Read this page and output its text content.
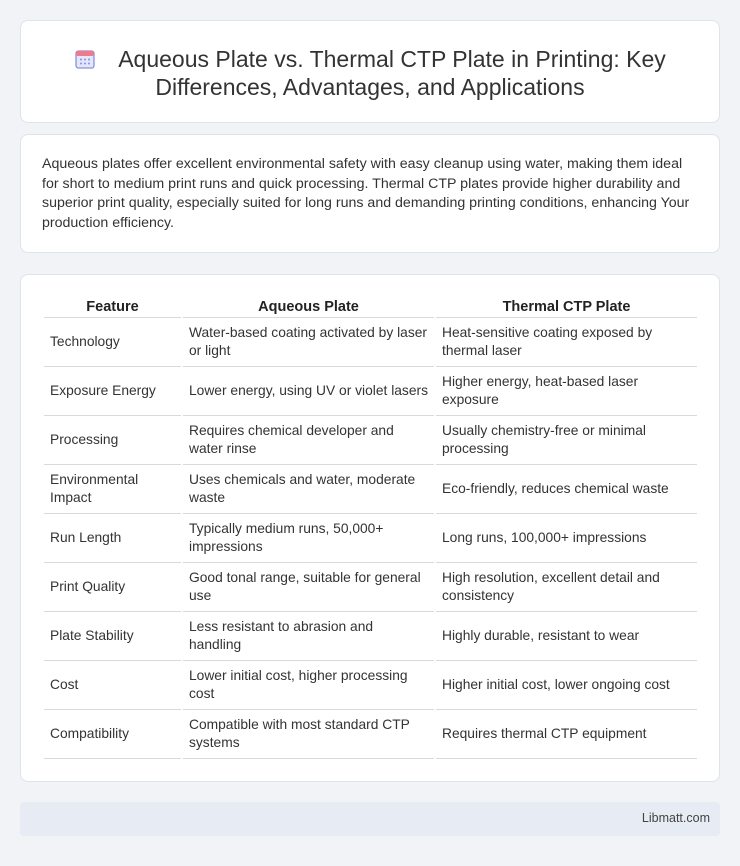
Aqueous Plate vs. Thermal CTP Plate in Printing: Key Differences, Advantages, and Applications

Aqueous plates offer excellent environmental safety with easy cleanup using water, making them ideal for short to medium print runs and quick processing. Thermal CTP plates provide higher durability and superior print quality, especially suited for long runs and demanding printing conditions, enhancing Your production efficiency.

Feature	Aqueous Plate	Thermal CTP Plate
Technology	Water-based coating activated by laser or light	Heat-sensitive coating exposed by thermal laser
Exposure Energy	Lower energy, using UV or violet lasers	Higher energy, heat-based laser exposure
Processing	Requires chemical developer and water rinse	Usually chemistry-free or minimal processing
Environmental Impact	Uses chemicals and water, moderate waste	Eco-friendly, reduces chemical waste
Run Length	Typically medium runs, 50,000+ impressions	Long runs, 100,000+ impressions
Print Quality	Good tonal range, suitable for general use	High resolution, excellent detail and consistency
Plate Stability	Less resistant to abrasion and handling	Highly durable, resistant to wear
Cost	Lower initial cost, higher processing cost	Higher initial cost, lower ongoing cost
Compatibility	Compatible with most standard CTP systems	Requires thermal CTP equipment
Libmatt.com
